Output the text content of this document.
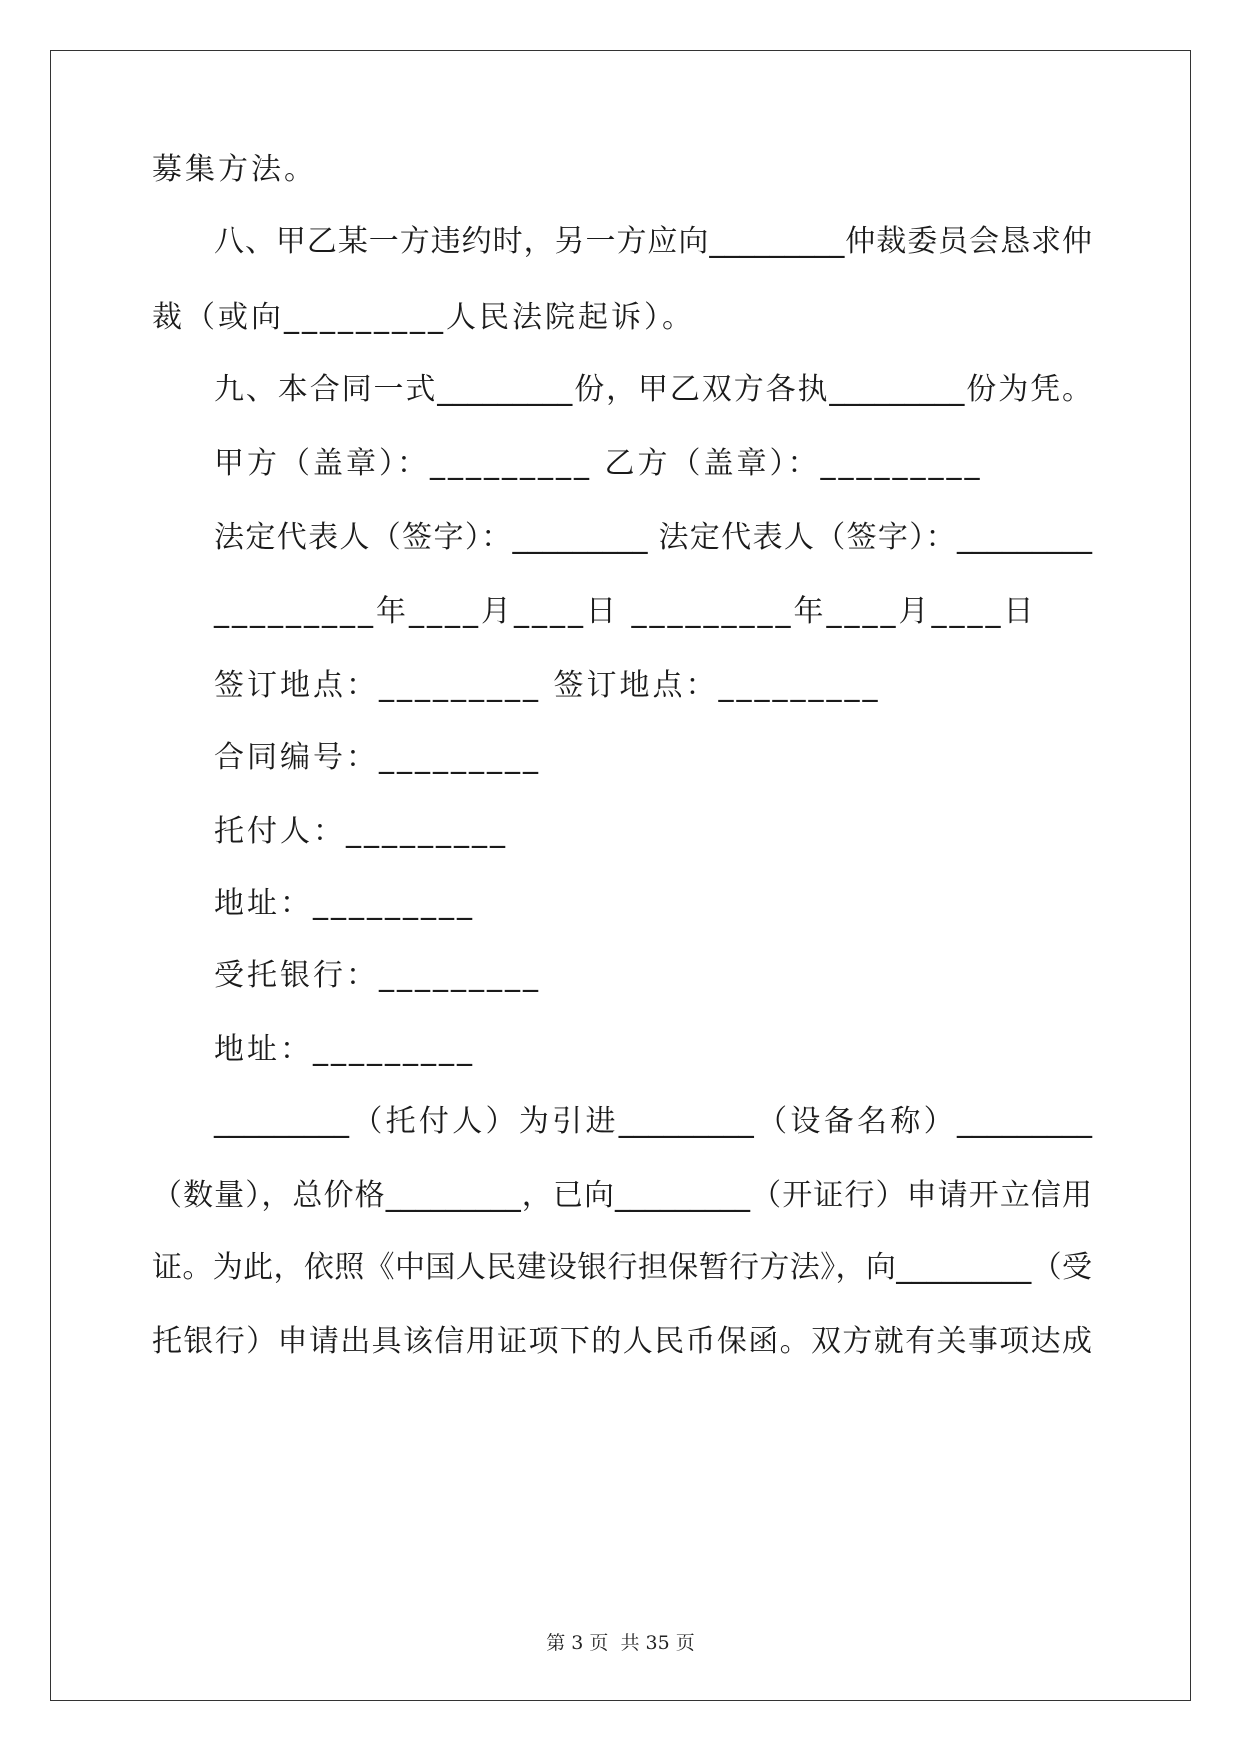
募集方法。
八、甲乙某一方违约时，另一方应向_________仲裁委员会恳求仲
裁（或向_________人民法院起诉）。
九、本合同一式_________份，甲乙双方各执_________份为凭。
甲方（盖章）：_________ 乙方（盖章）：_________
法定代表人（签字）：_________ 法定代表人（签字）：_________
_________年____月____日 _________年____月____日
签订地点：_________ 签订地点：_________
合同编号：_________
托付人：_________
地址：_________
受托银行：_________
地址：_________
_________（托付人）为引进_________（设备名称）_________
（数量），总价格_________，已向_________（开证行）申请开立信用
证。为此，依照《中国人民建设银行担保暂行方法》，向_________（受
托银行）申请出具该信用证项下的人民币保函。双方就有关事项达成
第 3 页  共 35 页
